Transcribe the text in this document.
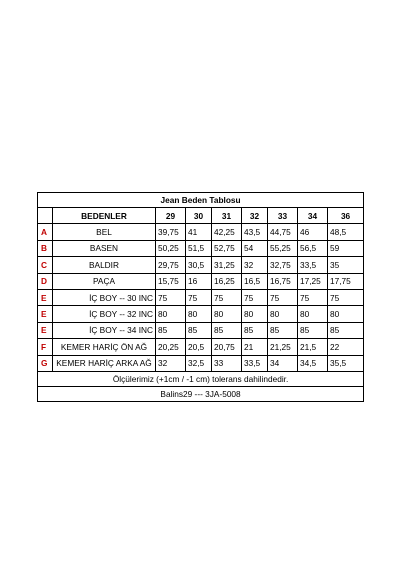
Jean Beden Tablosu								
	BEDENLER	29	30	31	32	33	34	36
A	BEL	39,75	41	42,25	43,5	44,75	46	48,5
B	BASEN	50,25	51,5	52,75	54	55,25	56,5	59
C	BALDIR	29,75	30,5	31,25	32	32,75	33,5	35
D	PAÇA	15,75	16	16,25	16,5	16,75	17,25	17,75
E	İÇ BOY -- 30 INC	75	75	75	75	75	75	75
E	İÇ BOY -- 32 INC	80	80	80	80	80	80	80
E	İÇ BOY -- 34 INC	85	85	85	85	85	85	85
F	KEMER HARİÇ ÖN AĞ	20,25	20,5	20,75	21	21,25	21,5	22
G	KEMER HARİÇ ARKA AĞ	32	32,5	33	33,5	34	34,5	35,5
Ölçülerimiz (+1cm / -1 cm) tolerans dahilindedir.								
Balins29 --- 3JA-5008								
